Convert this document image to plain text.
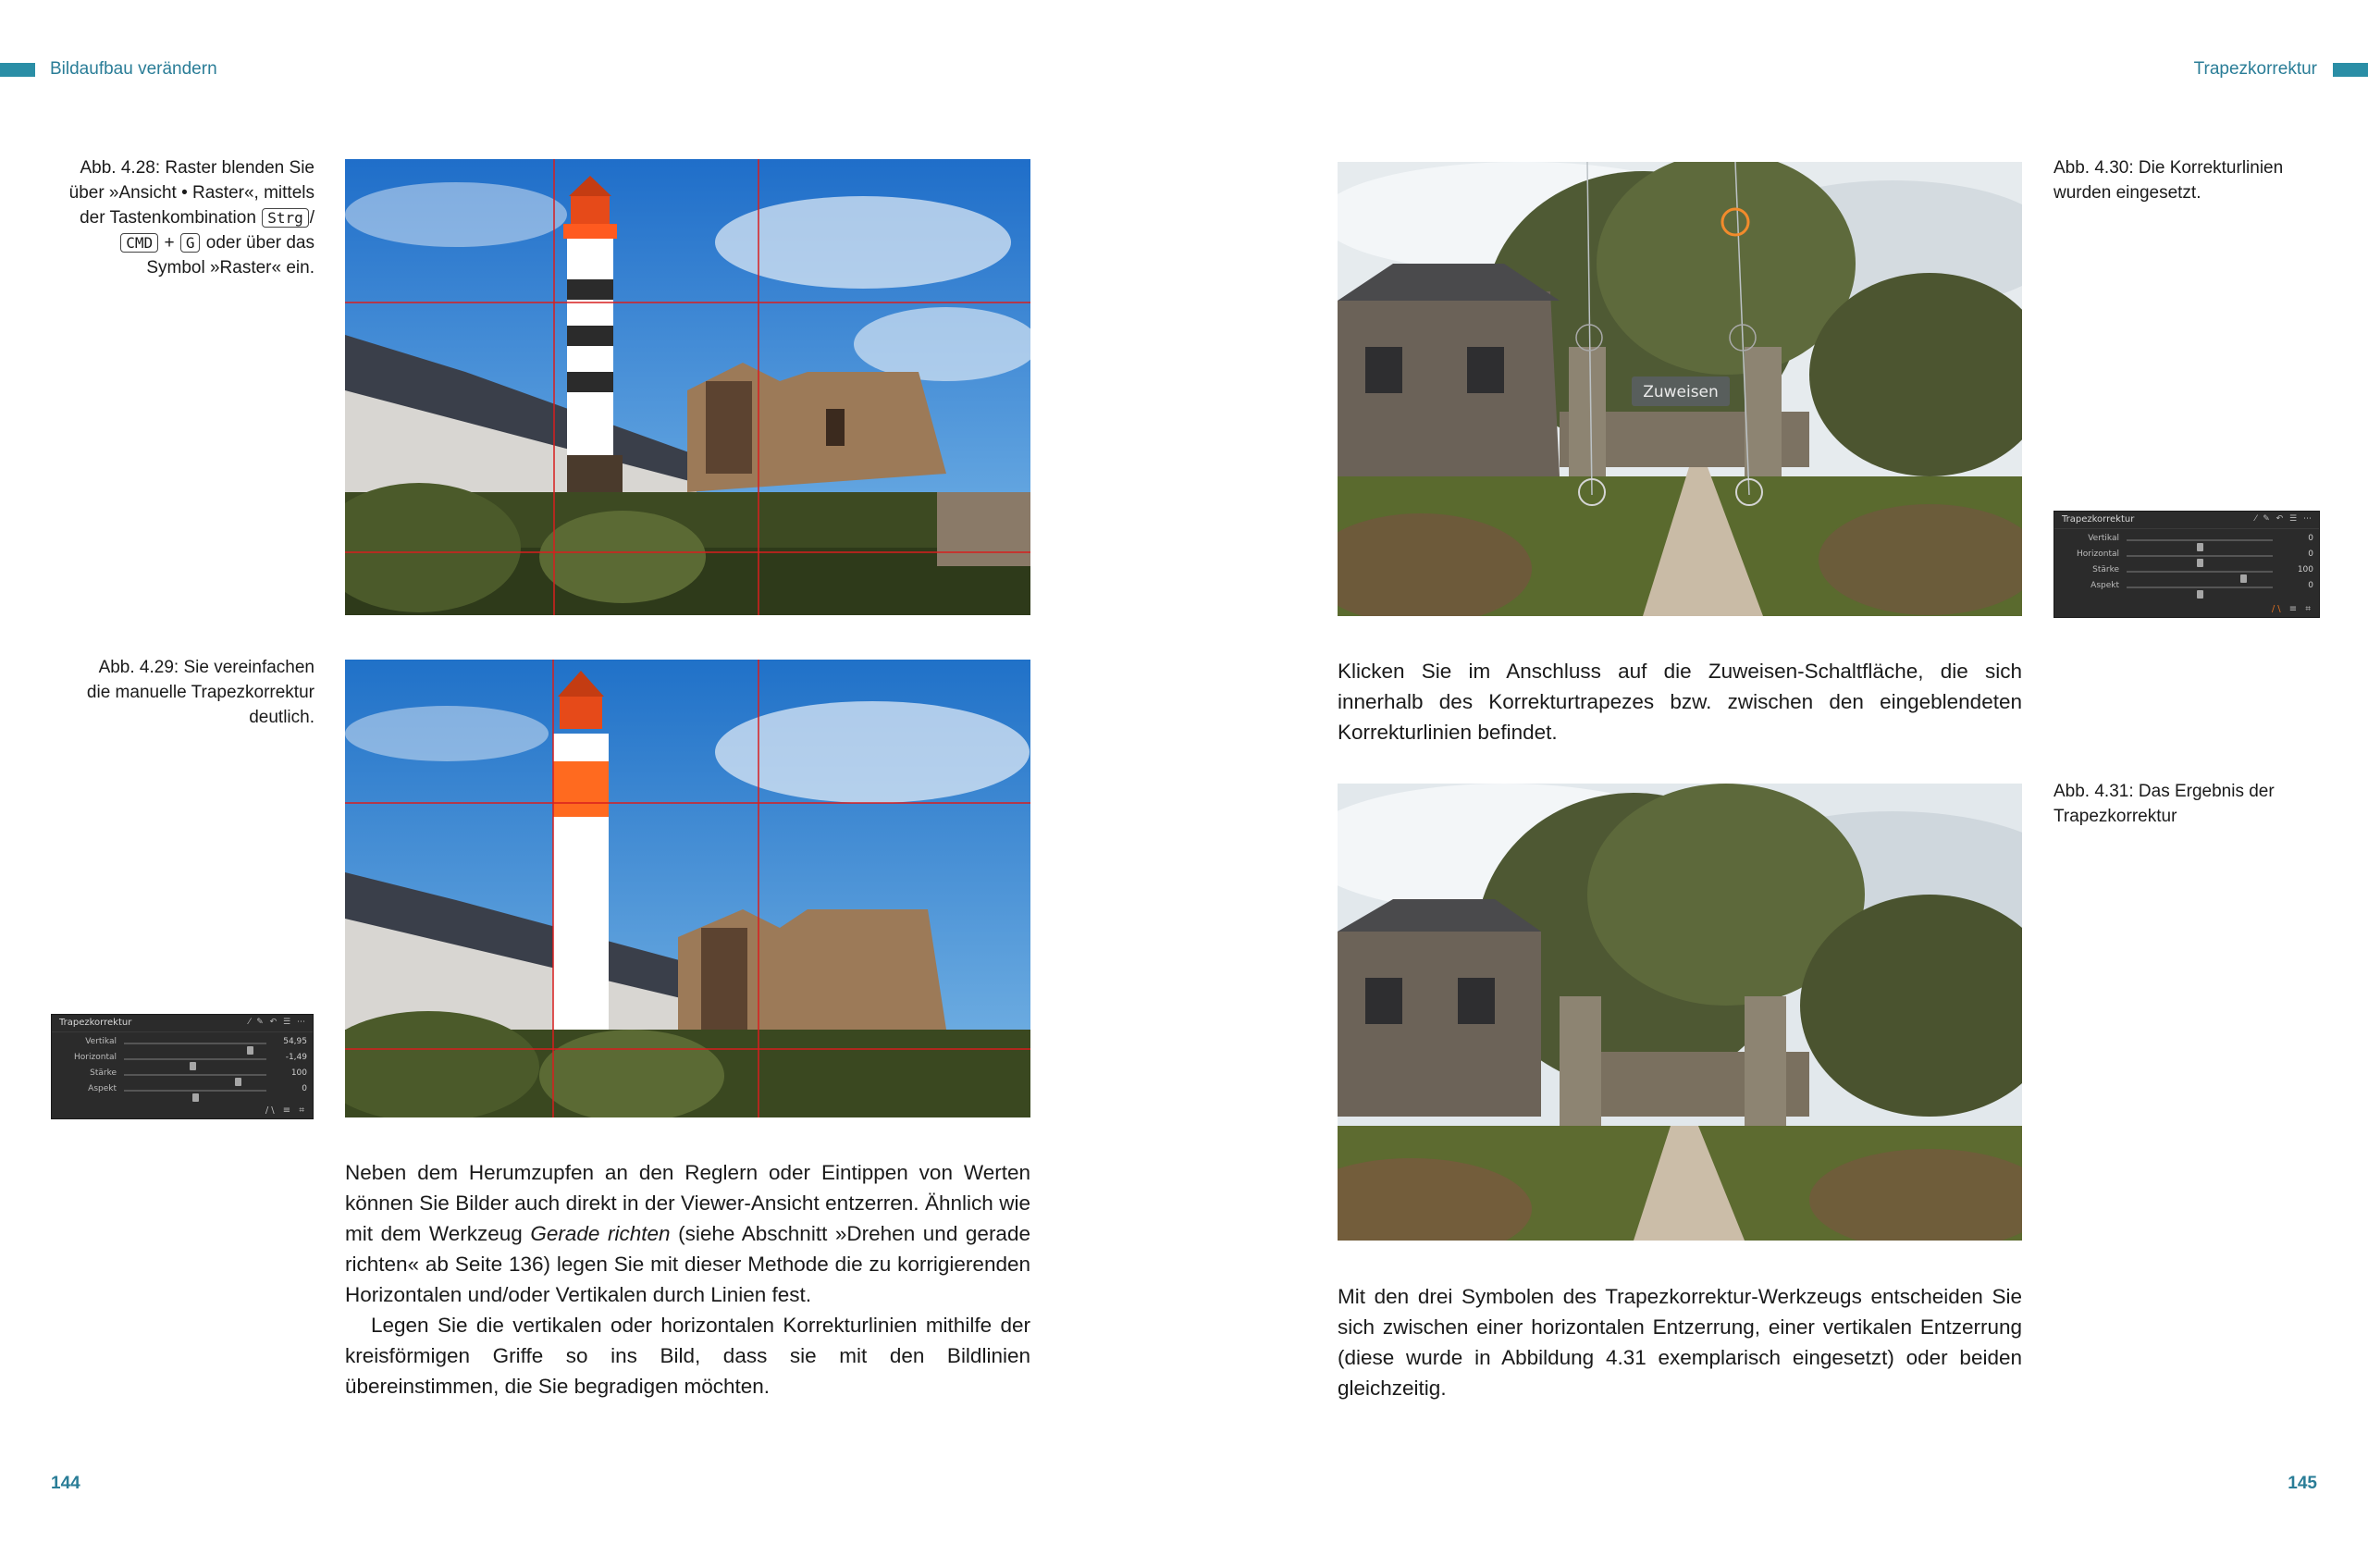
Bildaufbau verändern	Trapezkorrektur
Abb. 4.28: Raster blenden Sie
über »Ansicht • Raster«, mittels
der Tastenkombination Strg /
CMD + G oder über das
Symbol »Raster« ein.
Abb. 4.29: Sie vereinfachen
die manuelle Trapezkorrektur
deutlich.
Trapezkorrektur	⁄ ✎ ↶ ☰ ⋯
Vertikal	54,95
Horizontal	-1,49
Stärke	100
Aspekt	0
/\ ≡ ⌗

Neben dem Herumzupfen an den Reglern oder Eintippen von Werten können Sie Bilder auch direkt in der Viewer-Ansicht entzerren. Ähnlich wie mit dem Werkzeug Gerade richten (siehe Abschnitt »Drehen und gerade richten« ab Seite 136) legen Sie mit dieser Methode die zu korrigierenden Horizontalen und/oder Vertikalen durch Linien fest.

Legen Sie die vertikalen oder horizontalen Korrekturlinien mithilfe der kreisförmigen Griffe so ins Bild, dass sie mit den Bildlinien übereinstimmen, die Sie begradigen möchten.

144
Zuweisen
Abb. 4.30: Die Korrekturlinien
wurden eingesetzt.
Trapezkorrektur	⁄ ✎ ↶ ☰ ⋯
Vertikal	0
Horizontal	0
Stärke	100
Aspekt	0
/\ ≡ ⌗
Klicken Sie im Anschluss auf die Zuweisen-Schaltfläche, die sich innerhalb des Korrekturtrapezes bzw. zwischen den eingeblendeten Korrekturlinien befindet.
Abb. 4.31: Das Ergebnis der
Trapezkorrektur
Mit den drei Symbolen des Trapezkorrektur-Werkzeugs entscheiden Sie sich zwischen einer horizontalen Entzerrung, einer vertikalen Entzerrung (diese wurde in Abbildung 4.31 exemplarisch eingesetzt) oder beiden gleichzeitig.
145
